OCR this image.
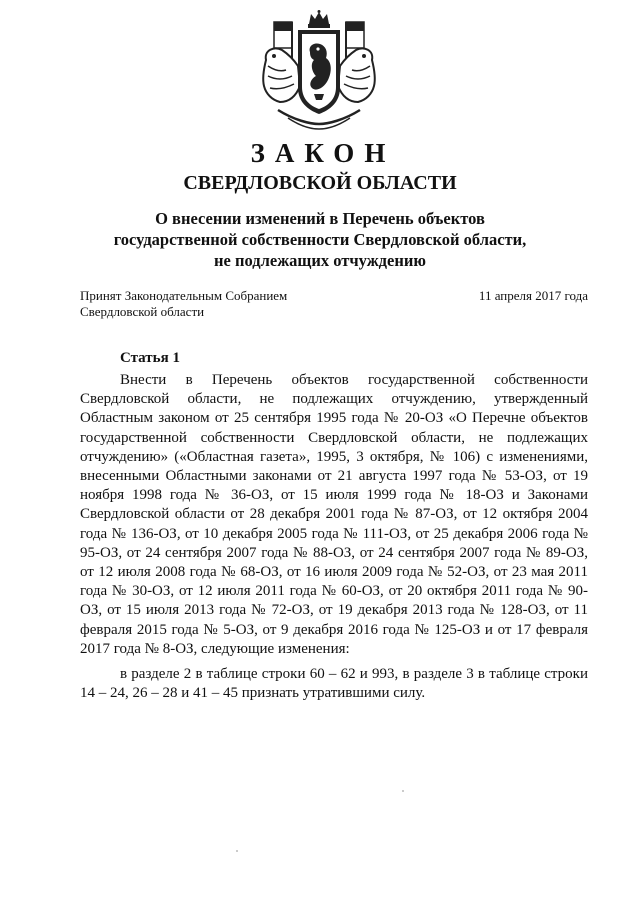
ЗАКОН
СВЕРДЛОВСКОЙ ОБЛАСТИ
О внесении изменений в Перечень объектов
государственной собственности Свердловской области,
не подлежащих отчуждению
Принят Законодательным Собранием
Свердловской области
11 апреля 2017 года
Статья 1

Внести в Перечень объектов государственной собственности Свердловской области, не подлежащих отчуждению, утвержденный Областным законом от 25 сентября 1995 года № 20-ОЗ «О Перечне объектов государственной собственности Свердловской области, не подлежащих отчуждению» («Областная газета», 1995, 3 октября, № 106) с изменениями, внесенными Областными законами от 21 августа 1997 года № 53-ОЗ, от 19 ноября 1998 года № 36-ОЗ, от 15 июля 1999 года № 18-ОЗ и Законами Свердловской области от 28 декабря 2001 года № 87-ОЗ, от 12 октября 2004 года № 136-ОЗ, от 10 декабря 2005 года № 111-ОЗ, от 25 декабря 2006 года № 95-ОЗ, от 24 сентября 2007 года № 88-ОЗ, от 24 сентября 2007 года № 89-ОЗ, от 12 июля 2008 года № 68-ОЗ, от 16 июля 2009 года № 52-ОЗ, от 23 мая 2011 года № 30-ОЗ, от 12 июля 2011 года № 60-ОЗ, от 20 октября 2011 года № 90-ОЗ, от 15 июля 2013 года № 72-ОЗ, от 19 декабря 2013 года № 128-ОЗ, от 11 февраля 2015 года № 5-ОЗ, от 9 декабря 2016 года № 125-ОЗ и от 17 февраля 2017 года № 8-ОЗ, следующие изменения:

в разделе 2 в таблице строки 60 – 62 и 993, в разделе 3 в таблице строки 14 – 24, 26 – 28 и 41 – 45 признать утратившими силу.
